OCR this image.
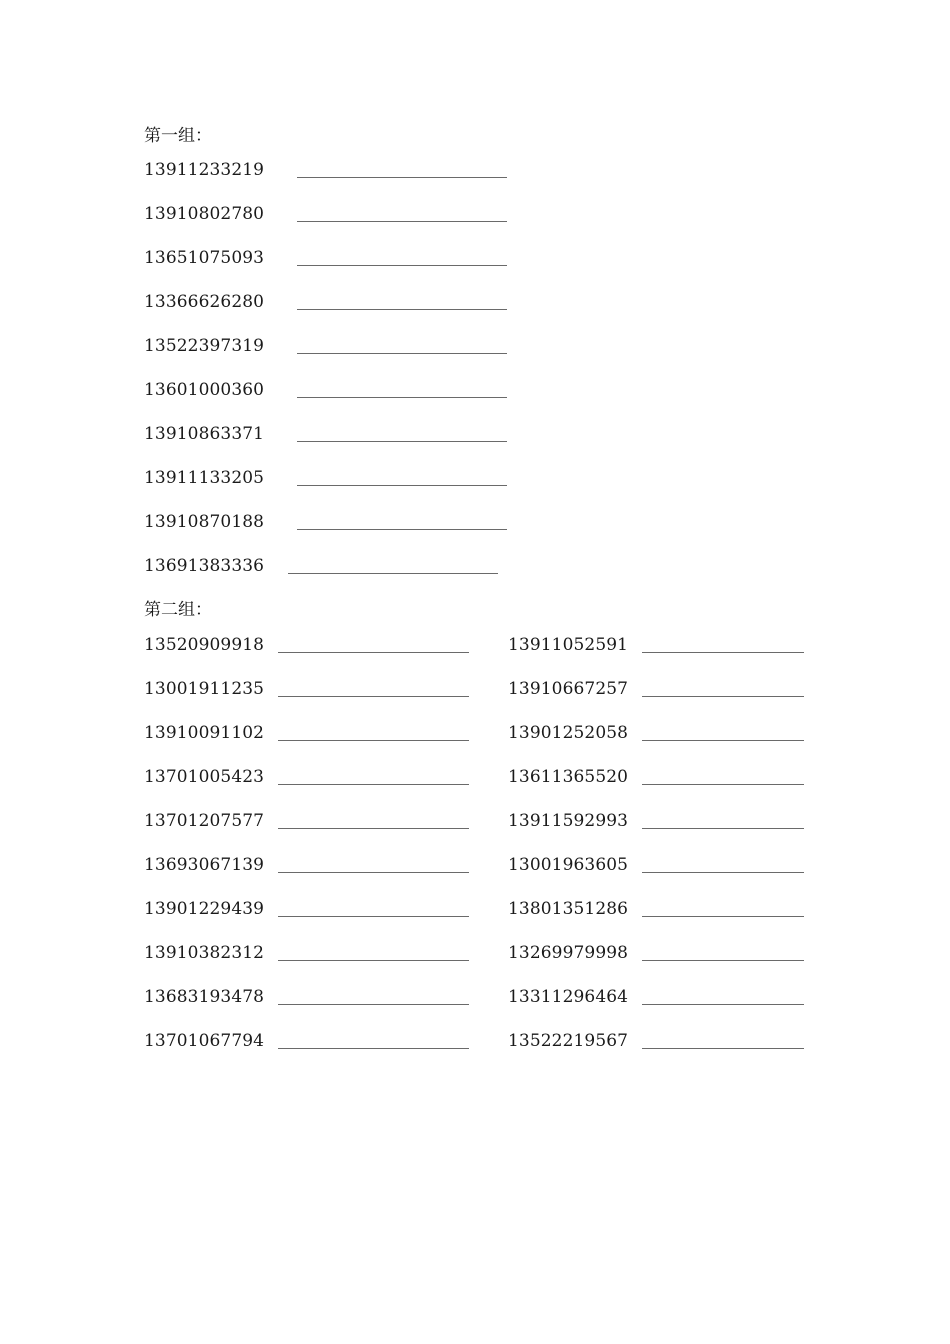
第一组：
13911233219
13910802780
13651075093
13366626280
13522397319
13601000360
13910863371
13911133205
13910870188
13691383336
第二组：
13520909918
13001911235
13910091102
13701005423
13701207577
13693067139
13901229439
13910382312
13683193478
13701067794
13911052591
13910667257
13901252058
13611365520
13911592993
13001963605
13801351286
13269979998
13311296464
13522219567
